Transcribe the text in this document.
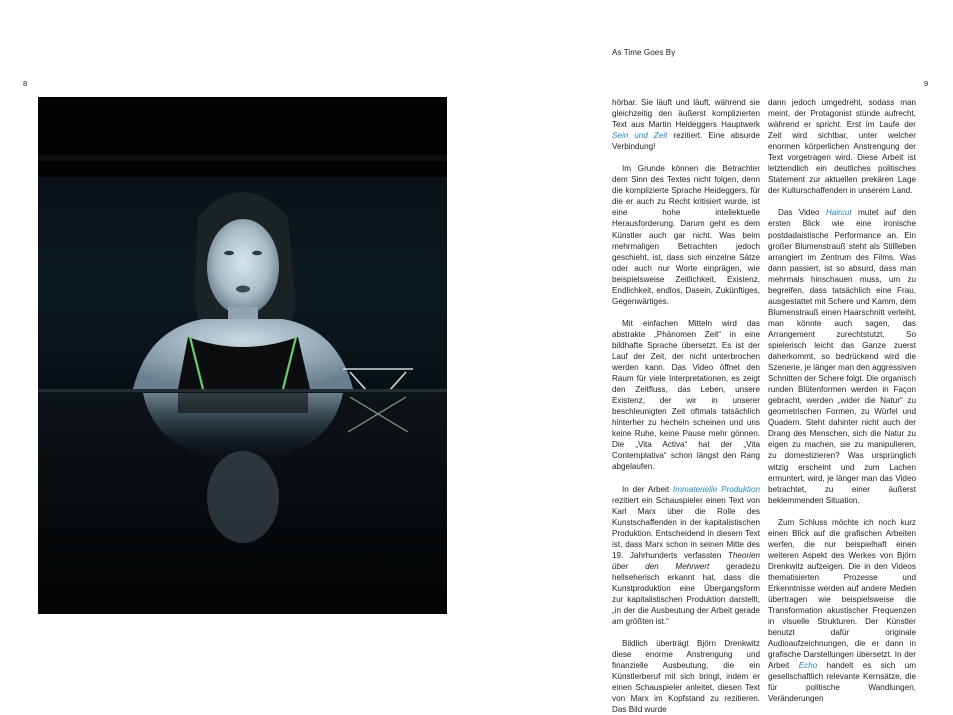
8	9
As Time Goes By

hörbar. Sie läuft und läuft, während sie gleichzeitig den äußerst komplizierten Text aus Martin Heideggers Hauptwerk Sein und Zeit rezitiert. Eine absurde Verbindung!

Im Grunde können die Betrachter dem Sinn des Textes nicht folgen, denn die komplizierte Sprache Heideggers, für die er auch zu Recht kritisiert wurde, ist eine hohe intellektuelle Herausforderung. Darum geht es dem Künstler auch gar nicht. Was beim mehrmaligen Betrachten jedoch geschieht, ist, dass sich einzelne Sätze oder auch nur Worte einprägen, wie beispielsweise Zeitlichkeit, Existenz, Endlichkeit, endlos, Dasein, Zukünftiges, Gegenwärtiges.

Mit einfachen Mitteln wird das abstrakte „Phänomen Zeit“ in eine bildhafte Sprache übersetzt. Es ist der Lauf der Zeit, der nicht unterbrochen werden kann. Das Video öffnet den Raum für viele Interpretationen, es zeigt den Zeitfluss, das Leben, unsere Existenz, der wir in unserer beschleunigten Zeit oftmals tatsächlich hinterher zu hecheln scheinen und uns keine Ruhe, keine Pause mehr gönnen. Die „Vita Activa“ hat der „Vita Contemplativa“ schon längst den Rang abgelaufen.

In der Arbeit Immaterielle Produktion rezitiert ein Schauspieler einen Text von Karl Marx über die Rolle des Kunstschaffenden in der kapitalistischen Produktion. Entscheidend in diesem Text ist, dass Marx schon in seinen Mitte des 19. Jahrhunderts verfassten Theorien über den Mehrwert geradezu hellseherisch erkannt hat, dass die Kunstproduktion eine Übergangsform zur kapitalistischen Produktion darstellt, „in der die Ausbeutung der Arbeit gerade am größten ist.“

Bildlich überträgt Björn Drenkwitz diese enorme Anstrengung und finanzielle Ausbeutung, die ein Künstlerberuf mit sich bringt, indem er einen Schauspieler anleitet, diesen Text von Marx im Kopfstand zu rezitieren. Das Bild wurde

dann jedoch umgedreht, sodass man meint, der Protagonist stünde aufrecht, während er spricht. Erst im Laufe der Zeit wird sichtbar, unter welcher enormen körperlichen Anstrengung der Text vorgetragen wird. Diese Arbeit ist letztendlich ein deutliches politisches Statement zur aktuellen prekären Lage der Kulturschaffenden in unserem Land.

Das Video Haircut mutet auf den ersten Blick wie eine ironische postdadaistische Performance an. Ein großer Blumenstrauß steht als Stillleben arrangiert im Zentrum des Films. Was dann passiert, ist so absurd, dass man mehrmals hinschauen muss, um zu begreifen, dass tatsächlich eine Frau, ausgestattet mit Schere und Kamm, dem Blumenstrauß einen Haarschnitt verleiht, man könnte auch sagen, das Arrangement zurechtstutzt. So spielerisch leicht das Ganze zuerst daherkommt, so bedrückend wird die Szenerie, je länger man den aggressiven Schnitten der Schere folgt. Die organisch runden Blütenformen werden in Façon gebracht, werden „wider die Natur“ zu geometrischen Formen, zu Würfel und Quadern. Steht dahinter nicht auch der Drang des Menschen, sich die Natur zu eigen zu machen, sie zu manipulieren, zu domestizieren? Was ursprünglich witzig erscheint und zum Lachen ermuntert, wird, je länger man das Video betrachtet, zu einer äußerst beklemmenden Situation.

Zum Schluss möchte ich noch kurz einen Blick auf die grafischen Arbeiten werfen, die nur beispielhaft einen weiteren Aspekt des Werkes von Björn Drenkwitz aufzeigen. Die in den Videos thematisierten Prozesse und Erkenntnisse werden auf andere Medien übertragen wie beispielsweise die Transformation akustischer Frequenzen in visuelle Strukturen. Der Künstler benutzt dafür originale Audioaufzeichnungen, die er dann in grafische Darstellungen übersetzt. In der Arbeit Echo handelt es sich um gesellschaftlich relevante Kernsätze, die für politische Wandlungen, Veränderungen
